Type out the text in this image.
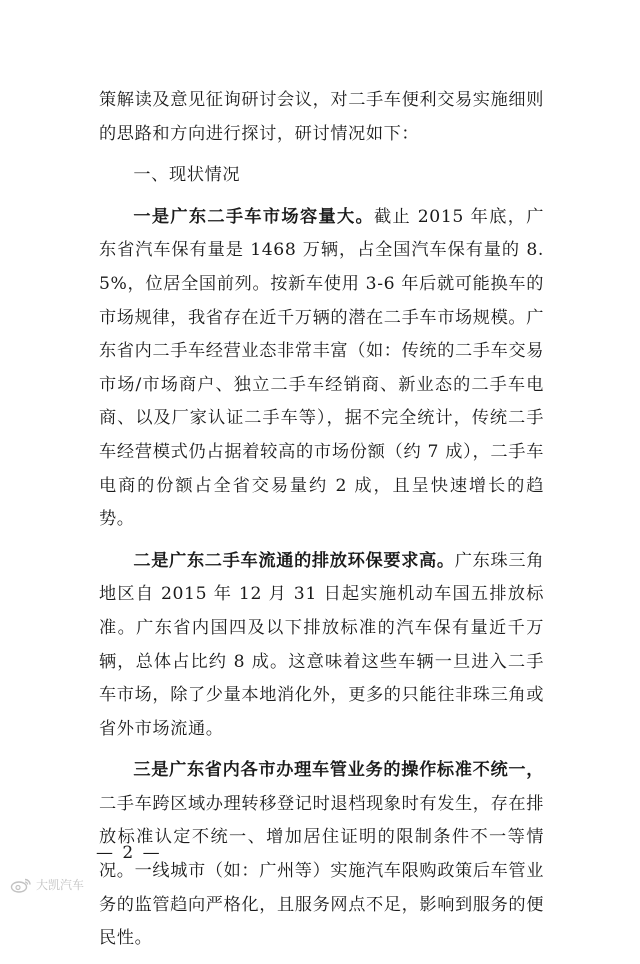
策解读及意见征询研讨会议，对二手车便利交易实施细则的思路和方向进行探讨，研讨情况如下：

一、现状情况

一是广东二手车市场容量大。截止 2015 年底，广东省汽车保有量是 1468 万辆，占全国汽车保有量的 8.5%，位居全国前列。按新车使用 3-6 年后就可能换车的市场规律，我省存在近千万辆的潜在二手车市场规模。广东省内二手车经营业态非常丰富（如：传统的二手车交易市场/市场商户、独立二手车经销商、新业态的二手车电商、以及厂家认证二手车等），据不完全统计，传统二手车经营模式仍占据着较高的市场份额（约 7 成），二手车电商的份额占全省交易量约 2 成，且呈快速增长的趋势。

二是广东二手车流通的排放环保要求高。广东珠三角地区自 2015 年 12 月 31 日起实施机动车国五排放标准。广东省内国四及以下排放标准的汽车保有量近千万辆，总体占比约 8 成。这意味着这些车辆一旦进入二手车市场，除了少量本地消化外，更多的只能往非珠三角或省外市场流通。

三是广东省内各市办理车管业务的操作标准不统一，二手车跨区域办理转移登记时退档现象时有发生，存在排放标准认定不统一、增加居住证明的限制条件不一等情况。一线城市（如：广州等）实施汽车限购政策后车管业务的监管趋向严格化，且服务网点不足，影响到服务的便民性。

— 2 —
大凯汽车
